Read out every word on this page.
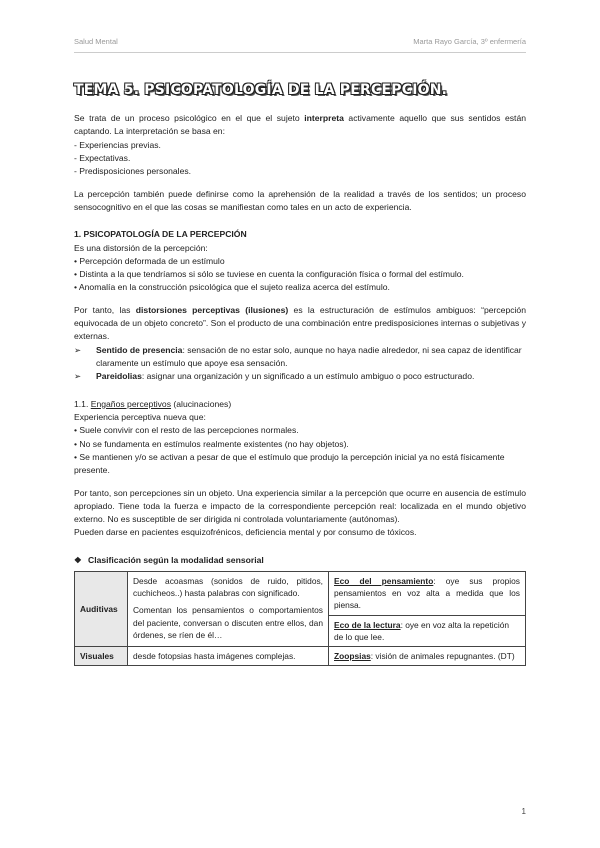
Salud Mental	Marta Rayo García, 3º enfermería
TEMA 5. PSICOPATOLOGÍA DE LA PERCEPCIÓN.

Se trata de un proceso psicológico en el que el sujeto interpreta activamente aquello que sus sentidos están captando. La interpretación se basa en:

- Experiencias previas.

- Expectativas.

- Predisposiciones personales.

La percepción también puede definirse como la aprehensión de la realidad a través de los sentidos; un proceso sensocognitivo en el que las cosas se manifiestan como tales en un acto de experiencia.

1. PSICOPATOLOGÍA DE LA PERCEPCIÓN

Es una distorsión de la percepción:

• Percepción deformada de un estímulo

• Distinta a la que tendríamos si sólo se tuviese en cuenta la configuración física o formal del estímulo.

• Anomalía en la construcción psicológica que el sujeto realiza acerca del estímulo.

Por tanto, las distorsiones perceptivas (ilusiones) es la estructuración de estímulos ambiguos: “percepción equivocada de un objeto concreto”. Son el producto de una combinación entre predisposiciones internas o subjetivas y externas.

➢	Sentido de presencia: sensación de no estar solo, aunque no haya nadie alrededor, ni sea capaz de identificar claramente un estímulo que apoye esa sensación.
➢	Pareidolias: asignar una organización y un significado a un estímulo ambiguo o poco estructurado.

1.1. Engaños perceptivos (alucinaciones)

Experiencia perceptiva nueva que:

• Suele convivir con el resto de las percepciones normales.

• No se fundamenta en estímulos realmente existentes (no hay objetos).

• Se mantienen y/o se activan a pesar de que el estímulo que produjo la percepción inicial ya no está físicamente presente.

Por tanto, son percepciones sin un objeto. Una experiencia similar a la percepción que ocurre en ausencia de estímulo apropiado. Tiene toda la fuerza e impacto de la correspondiente percepción real: localizada en el mundo objetivo externo. No es susceptible de ser dirigida ni controlada voluntariamente (autónomas).

Pueden darse en pacientes esquizofrénicos, deficiencia mental y por consumo de tóxicos.

❖ Clasificación según la modalidad sensorial

Auditivas	Desde acoasmas (sonidos de ruido, pitidos, cuchicheos..) hasta palabras con significado.
Comentan los pensamientos o comportamientos del paciente, conversan o discuten entre ellos, dan órdenes, se ríen de él…	Eco del pensamiento: oye sus propios pensamientos en voz alta a medida que los piensa.
		Eco de la lectura: oye en voz alta la repetición de lo que lee.
Visuales	desde fotopsias hasta imágenes complejas.	Zoopsias: visión de animales repugnantes. (DT)
1
